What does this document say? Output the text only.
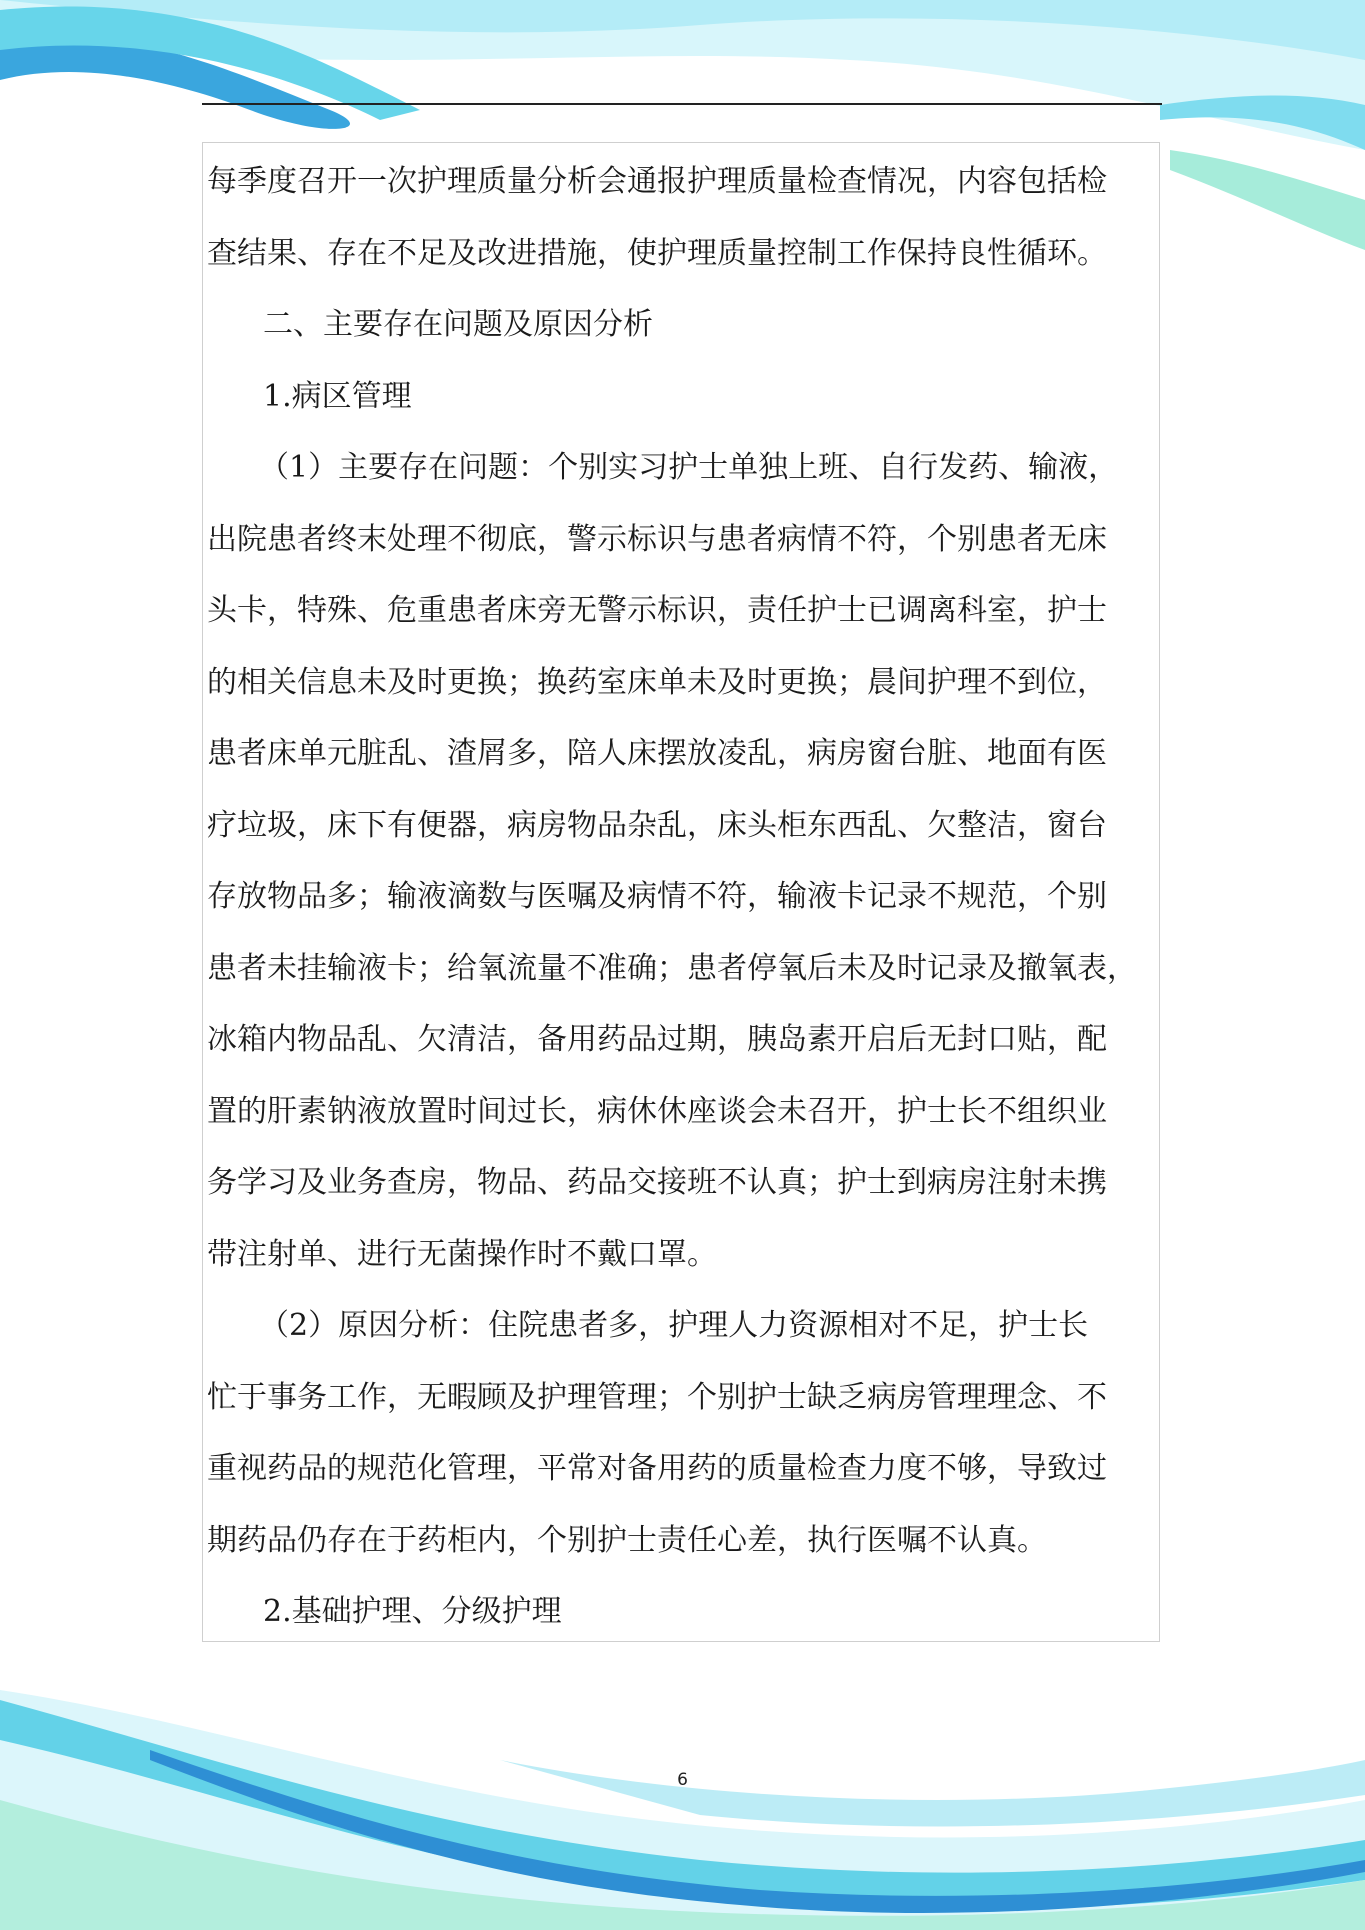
每季度召开一次护理质量分析会通报护理质量检查情况，内容包括检
查结果、存在不足及改进措施，使护理质量控制工作保持良性循环。
二、主要存在问题及原因分析
1.病区管理
（1）主要存在问题：个别实习护士单独上班、自行发药、输液，
出院患者终末处理不彻底，警示标识与患者病情不符，个别患者无床
头卡，特殊、危重患者床旁无警示标识，责任护士已调离科室，护士
的相关信息未及时更换；换药室床单未及时更换；晨间护理不到位，
患者床单元脏乱、渣屑多，陪人床摆放凌乱，病房窗台脏、地面有医
疗垃圾，床下有便器，病房物品杂乱，床头柜东西乱、欠整洁，窗台
存放物品多；输液滴数与医嘱及病情不符，输液卡记录不规范，个别
患者未挂输液卡；给氧流量不准确；患者停氧后未及时记录及撤氧表，
冰箱内物品乱、欠清洁，备用药品过期，胰岛素开启后无封口贴，配
置的肝素钠液放置时间过长，病休休座谈会未召开，护士长不组织业
务学习及业务查房，物品、药品交接班不认真；护士到病房注射未携
带注射单、进行无菌操作时不戴口罩。
（2）原因分析：住院患者多，护理人力资源相对不足，护士长
忙于事务工作，无暇顾及护理管理；个别护士缺乏病房管理理念、不
重视药品的规范化管理，平常对备用药的质量检查力度不够，导致过
期药品仍存在于药柜内，个别护士责任心差，执行医嘱不认真。
2.基础护理、分级护理
6
